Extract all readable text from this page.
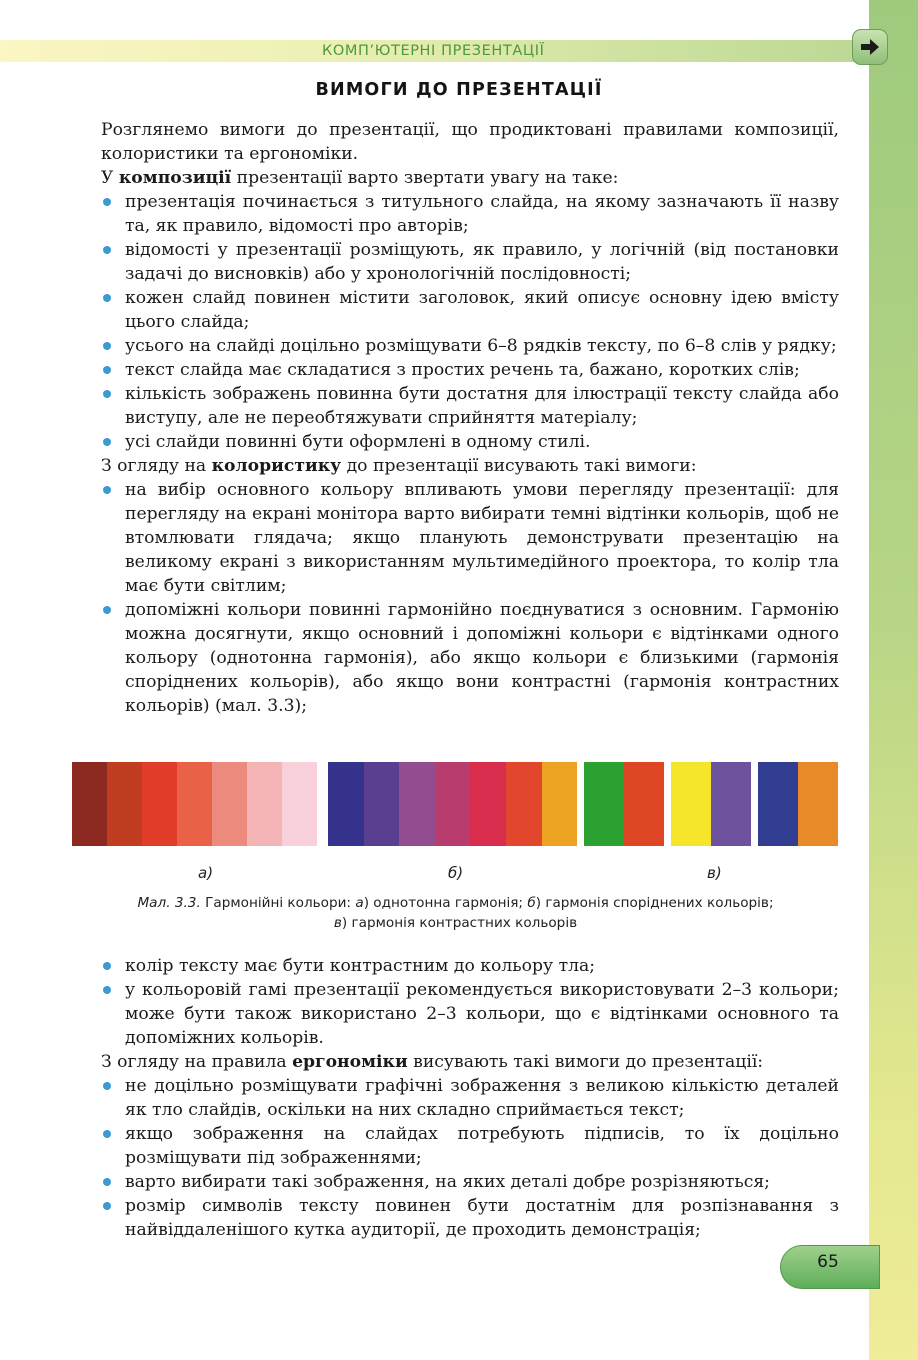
КОМП’ЮТЕРНІ ПРЕЗЕНТАЦІЇ
ВИМОГИ ДО ПРЕЗЕНТАЦІЇ
Розглянемо вимоги до презентації, що продиктовані правилами композиції, колористики та ергономіки.
У композиції презентації варто звертати увагу на таке:
презентація починається з титульного слайда, на якому зазначають її назву та, як правило, відомості про авторів;
відомості у презентації розміщують, як правило, у логічній (від постановки задачі до висновків) або у хронологічній послідовності;
кожен слайд повинен містити заголовок, який описує основну ідею вмісту цього слайда;
усього на слайді доцільно розміщувати 6–8 рядків тексту, по 6–8 слів у рядку;
текст слайда має складатися з простих речень та, бажано, коротких слів;
кількість зображень повинна бути достатня для ілюстрації тексту слайда або виступу, але не переобтяжувати сприйняття матеріалу;
усі слайди повинні бути оформлені в одному стилі.
З огляду на колористику до презентації висувають такі вимоги:
на вибір основного кольору впливають умови перегляду презентації: для перегляду на екрані монітора варто вибирати темні відтінки кольорів, щоб не втомлювати глядача; якщо планують демонструвати презентацію на великому екрані з використанням мультимедійного проектора, то колір тла має бути світлим;
допоміжні кольори повинні гармонійно поєднуватися з основним. Гармонію можна досягнути, якщо основний і допоміжні кольори є відтінками одного кольору (однотонна гармонія), або якщо кольори є близькими (гармонія споріднених кольорів), або якщо вони контрастні (гармонія контрастних кольорів) (мал. 3.3);
а)	б)	в)
Мал. 3.3. Гармонійні кольори: а) однотонна гармонія; б) гармонія споріднених кольорів;
в) гармонія контрастних кольорів
колір тексту має бути контрастним до кольору тла;
у кольоровій гамі презентації рекомендується використовувати 2–3 кольори; може бути також використано 2–3 кольори, що є відтінками основного та допоміжних кольорів.
З огляду на правила ергономіки висувають такі вимоги до презентації:
не доцільно розміщувати графічні зображення з великою кількістю деталей як тло слайдів, оскільки на них складно сприймається текст;
якщо зображення на слайдах потребують підписів, то їх доцільно розміщувати під зображеннями;
варто вибирати такі зображення, на яких деталі добре розрізняються;
розмір символів тексту повинен бути достатнім для розпізнавання з найвіддаленішого кутка аудиторії, де проходить демонстрація;
65
